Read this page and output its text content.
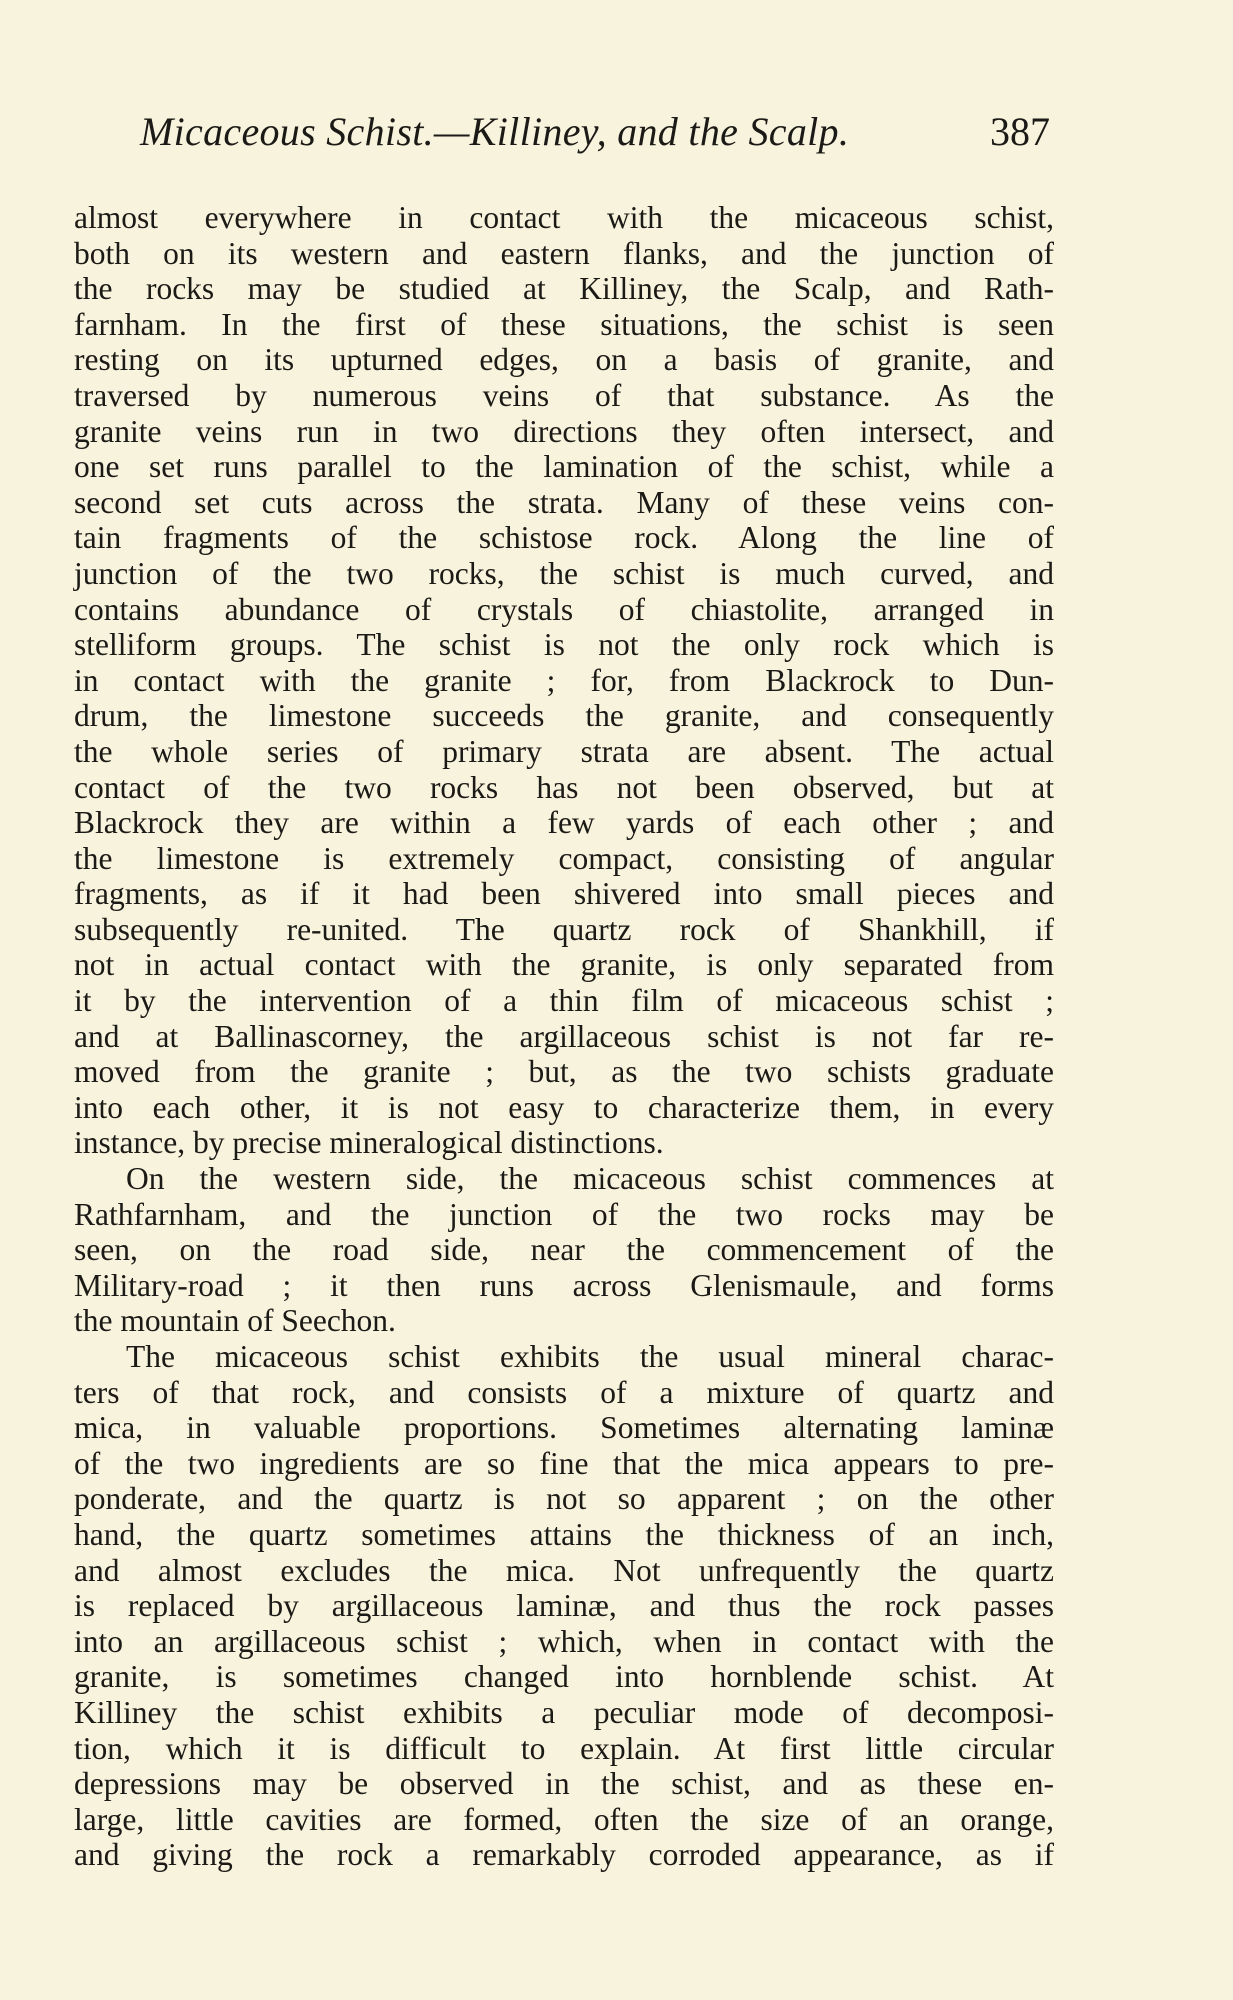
Micaceous Schist.—Killiney, and the Scalp.	387
almost everywhere in contact with the micaceous schist,
both on its western and eastern flanks, and the junction of
the rocks may be studied at Killiney, the Scalp, and Rath-
farnham. In the first of these situations, the schist is seen
resting on its upturned edges, on a basis of granite, and
traversed by numerous veins of that substance. As the
granite veins run in two directions they often intersect, and
one set runs parallel to the lamination of the schist, while a
second set cuts across the strata. Many of these veins con-
tain fragments of the schistose rock. Along the line of
junction of the two rocks, the schist is much curved, and
contains abundance of crystals of chiastolite, arranged in
stelliform groups. The schist is not the only rock which is
in contact with the granite ; for, from Blackrock to Dun-
drum, the limestone succeeds the granite, and consequently
the whole series of primary strata are absent. The actual
contact of the two rocks has not been observed, but at
Blackrock they are within a few yards of each other ; and
the limestone is extremely compact, consisting of angular
fragments, as if it had been shivered into small pieces and
subsequently re-united. The quartz rock of Shankhill, if
not in actual contact with the granite, is only separated from
it by the intervention of a thin film of micaceous schist ;
and at Ballinascorney, the argillaceous schist is not far re-
moved from the granite ; but, as the two schists graduate
into each other, it is not easy to characterize them, in every
instance, by precise mineralogical distinctions.
On the western side, the micaceous schist commences at
Rathfarnham, and the junction of the two rocks may be
seen, on the road side, near the commencement of the
Military-road ; it then runs across Glenismaule, and forms
the mountain of Seechon.
The micaceous schist exhibits the usual mineral charac-
ters of that rock, and consists of a mixture of quartz and
mica, in valuable proportions. Sometimes alternating laminæ
of the two ingredients are so fine that the mica appears to pre-
ponderate, and the quartz is not so apparent ; on the other
hand, the quartz sometimes attains the thickness of an inch,
and almost excludes the mica. Not unfrequently the quartz
is replaced by argillaceous laminæ, and thus the rock passes
into an argillaceous schist ; which, when in contact with the
granite, is sometimes changed into hornblende schist. At
Killiney the schist exhibits a peculiar mode of decomposi-
tion, which it is difficult to explain. At first little circular
depressions may be observed in the schist, and as these en-
large, little cavities are formed, often the size of an orange,
and giving the rock a remarkably corroded appearance, as if
